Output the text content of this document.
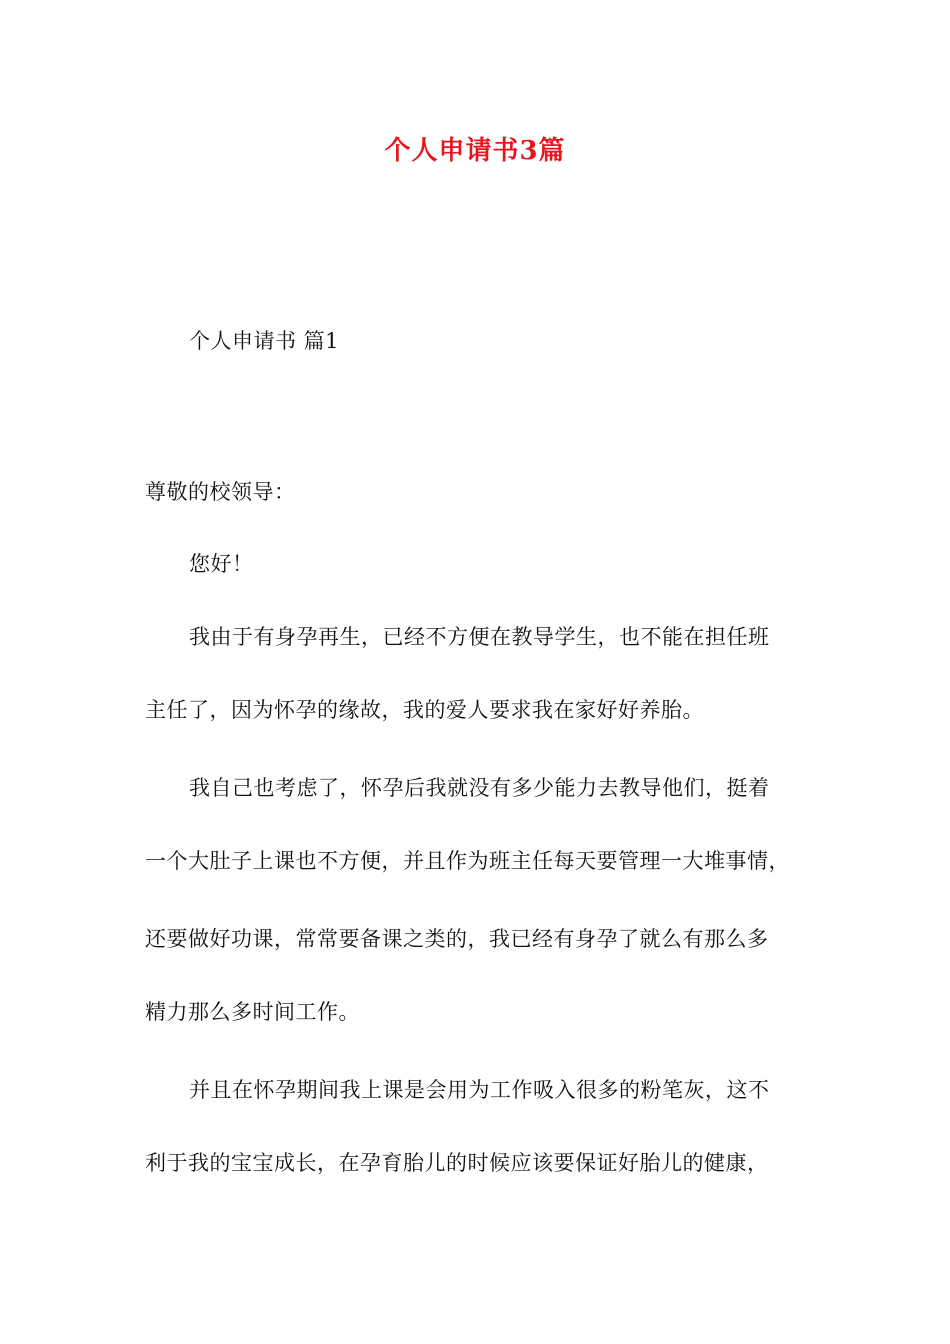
个人申请书3篇
个人申请书 篇1
尊敬的校领导：
您好！
我由于有身孕再生，已经不方便在教导学生，也不能在担任班
主任了，因为怀孕的缘故，我的爱人要求我在家好好养胎。
我自己也考虑了，怀孕后我就没有多少能力去教导他们，挺着
一个大肚子上课也不方便，并且作为班主任每天要管理一大堆事情，
还要做好功课，常常要备课之类的，我已经有身孕了就么有那么多
精力那么多时间工作。
并且在怀孕期间我上课是会用为工作吸入很多的粉笔灰，这不
利于我的宝宝成长，在孕育胎儿的时候应该要保证好胎儿的健康，
